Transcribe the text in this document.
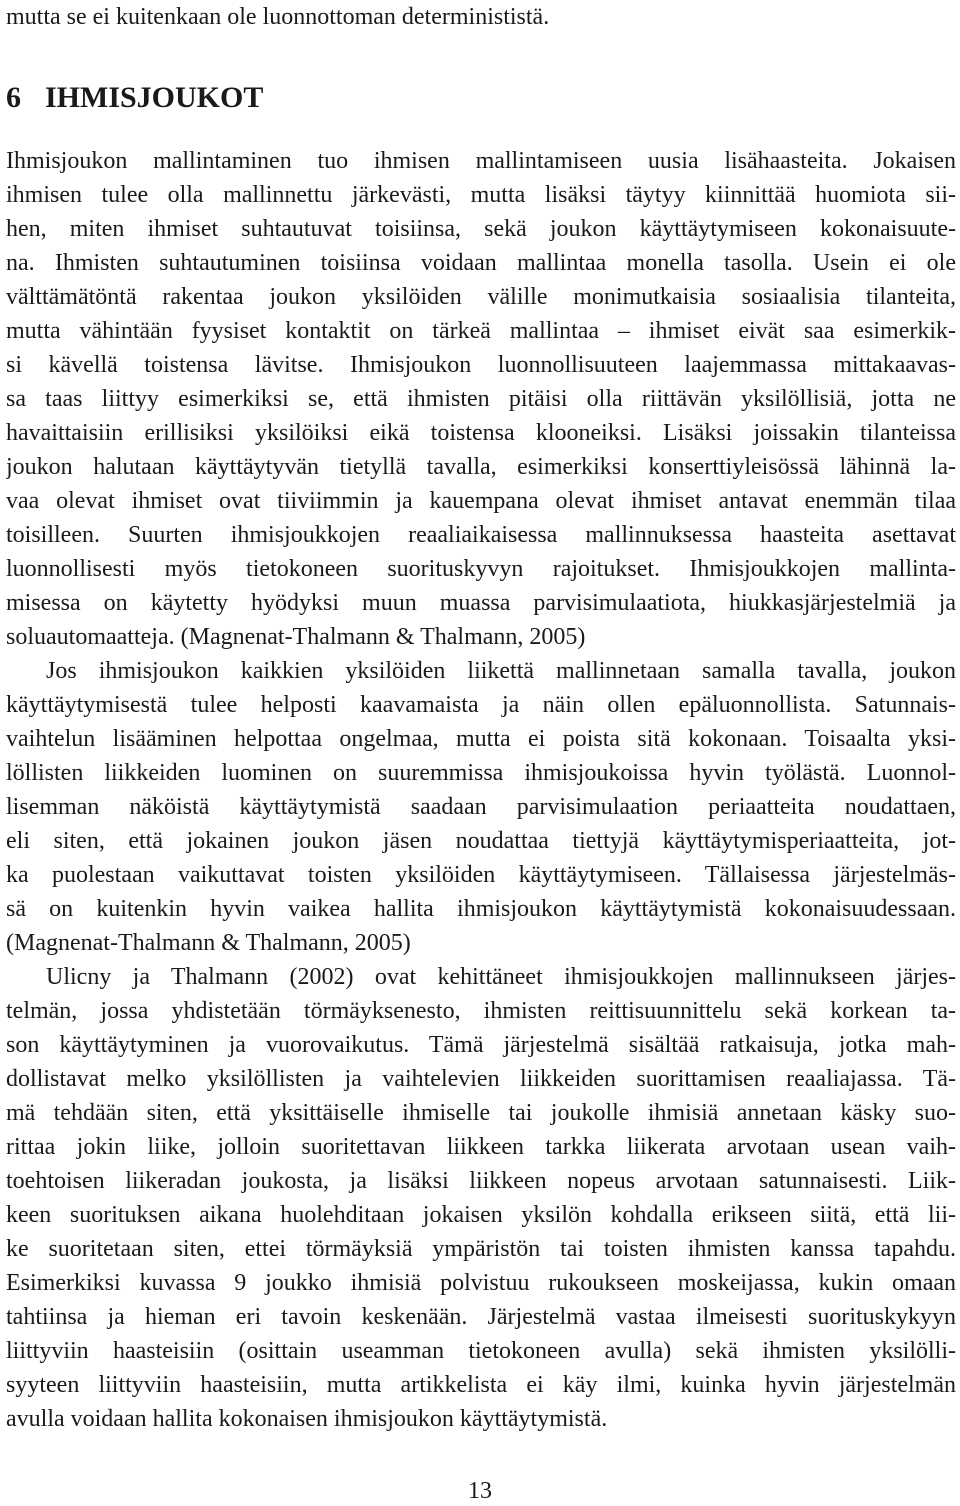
mutta se ei kuitenkaan ole luonnottoman determinististä.
6 IHMISJOUKOT
Ihmisjoukon mallintaminen tuo ihmisen mallintamiseen uusia lisähaasteita. Jokaisen
ihmisen tulee olla mallinnettu järkevästi, mutta lisäksi täytyy kiinnittää huomiota sii-
hen, miten ihmiset suhtautuvat toisiinsa, sekä joukon käyttäytymiseen kokonaisuute-
na. Ihmisten suhtautuminen toisiinsa voidaan mallintaa monella tasolla. Usein ei ole
välttämätöntä rakentaa joukon yksilöiden välille monimutkaisia sosiaalisia tilanteita,
mutta vähintään fyysiset kontaktit on tärkeä mallintaa – ihmiset eivät saa esimerkik-
si kävellä toistensa lävitse. Ihmisjoukon luonnollisuuteen laajemmassa mittakaavas-
sa taas liittyy esimerkiksi se, että ihmisten pitäisi olla riittävän yksilöllisiä, jotta ne
havaittaisiin erillisiksi yksilöiksi eikä toistensa klooneiksi. Lisäksi joissakin tilanteissa
joukon halutaan käyttäytyvän tietyllä tavalla, esimerkiksi konserttiyleisössä lähinnä la-
vaa olevat ihmiset ovat tiiviimmin ja kauempana olevat ihmiset antavat enemmän tilaa
toisilleen. Suurten ihmisjoukkojen reaaliaikaisessa mallinnuksessa haasteita asettavat
luonnollisesti myös tietokoneen suorituskyvyn rajoitukset. Ihmisjoukkojen mallinta-
misessa on käytetty hyödyksi muun muassa parvisimulaatiota, hiukkasjärjestelmiä ja
soluautomaatteja. (Magnenat-Thalmann & Thalmann, 2005)
Jos ihmisjoukon kaikkien yksilöiden liikettä mallinnetaan samalla tavalla, joukon
käyttäytymisestä tulee helposti kaavamaista ja näin ollen epäluonnollista. Satunnais-
vaihtelun lisääminen helpottaa ongelmaa, mutta ei poista sitä kokonaan. Toisaalta yksi-
löllisten liikkeiden luominen on suuremmissa ihmisjoukoissa hyvin työlästä. Luonnol-
lisemman näköistä käyttäytymistä saadaan parvisimulaation periaatteita noudattaen,
eli siten, että jokainen joukon jäsen noudattaa tiettyjä käyttäytymisperiaatteita, jot-
ka puolestaan vaikuttavat toisten yksilöiden käyttäytymiseen. Tällaisessa järjestelmäs-
sä on kuitenkin hyvin vaikea hallita ihmisjoukon käyttäytymistä kokonaisuudessaan.
(Magnenat-Thalmann & Thalmann, 2005)
Ulicny ja Thalmann (2002) ovat kehittäneet ihmisjoukkojen mallinnukseen järjes-
telmän, jossa yhdistetään törmäyksenesto, ihmisten reittisuunnittelu sekä korkean ta-
son käyttäytyminen ja vuorovaikutus. Tämä järjestelmä sisältää ratkaisuja, jotka mah-
dollistavat melko yksilöllisten ja vaihtelevien liikkeiden suorittamisen reaaliajassa. Tä-
mä tehdään siten, että yksittäiselle ihmiselle tai joukolle ihmisiä annetaan käsky suo-
rittaa jokin liike, jolloin suoritettavan liikkeen tarkka liikerata arvotaan usean vaih-
toehtoisen liikeradan joukosta, ja lisäksi liikkeen nopeus arvotaan satunnaisesti. Liik-
keen suorituksen aikana huolehditaan jokaisen yksilön kohdalla erikseen siitä, että lii-
ke suoritetaan siten, ettei törmäyksiä ympäristön tai toisten ihmisten kanssa tapahdu.
Esimerkiksi kuvassa 9 joukko ihmisiä polvistuu rukoukseen moskeijassa, kukin omaan
tahtiinsa ja hieman eri tavoin keskenään. Järjestelmä vastaa ilmeisesti suorituskykyyn
liittyviin haasteisiin (osittain useamman tietokoneen avulla) sekä ihmisten yksilölli-
syyteen liittyviin haasteisiin, mutta artikkelista ei käy ilmi, kuinka hyvin järjestelmän
avulla voidaan hallita kokonaisen ihmisjoukon käyttäytymistä.
13
